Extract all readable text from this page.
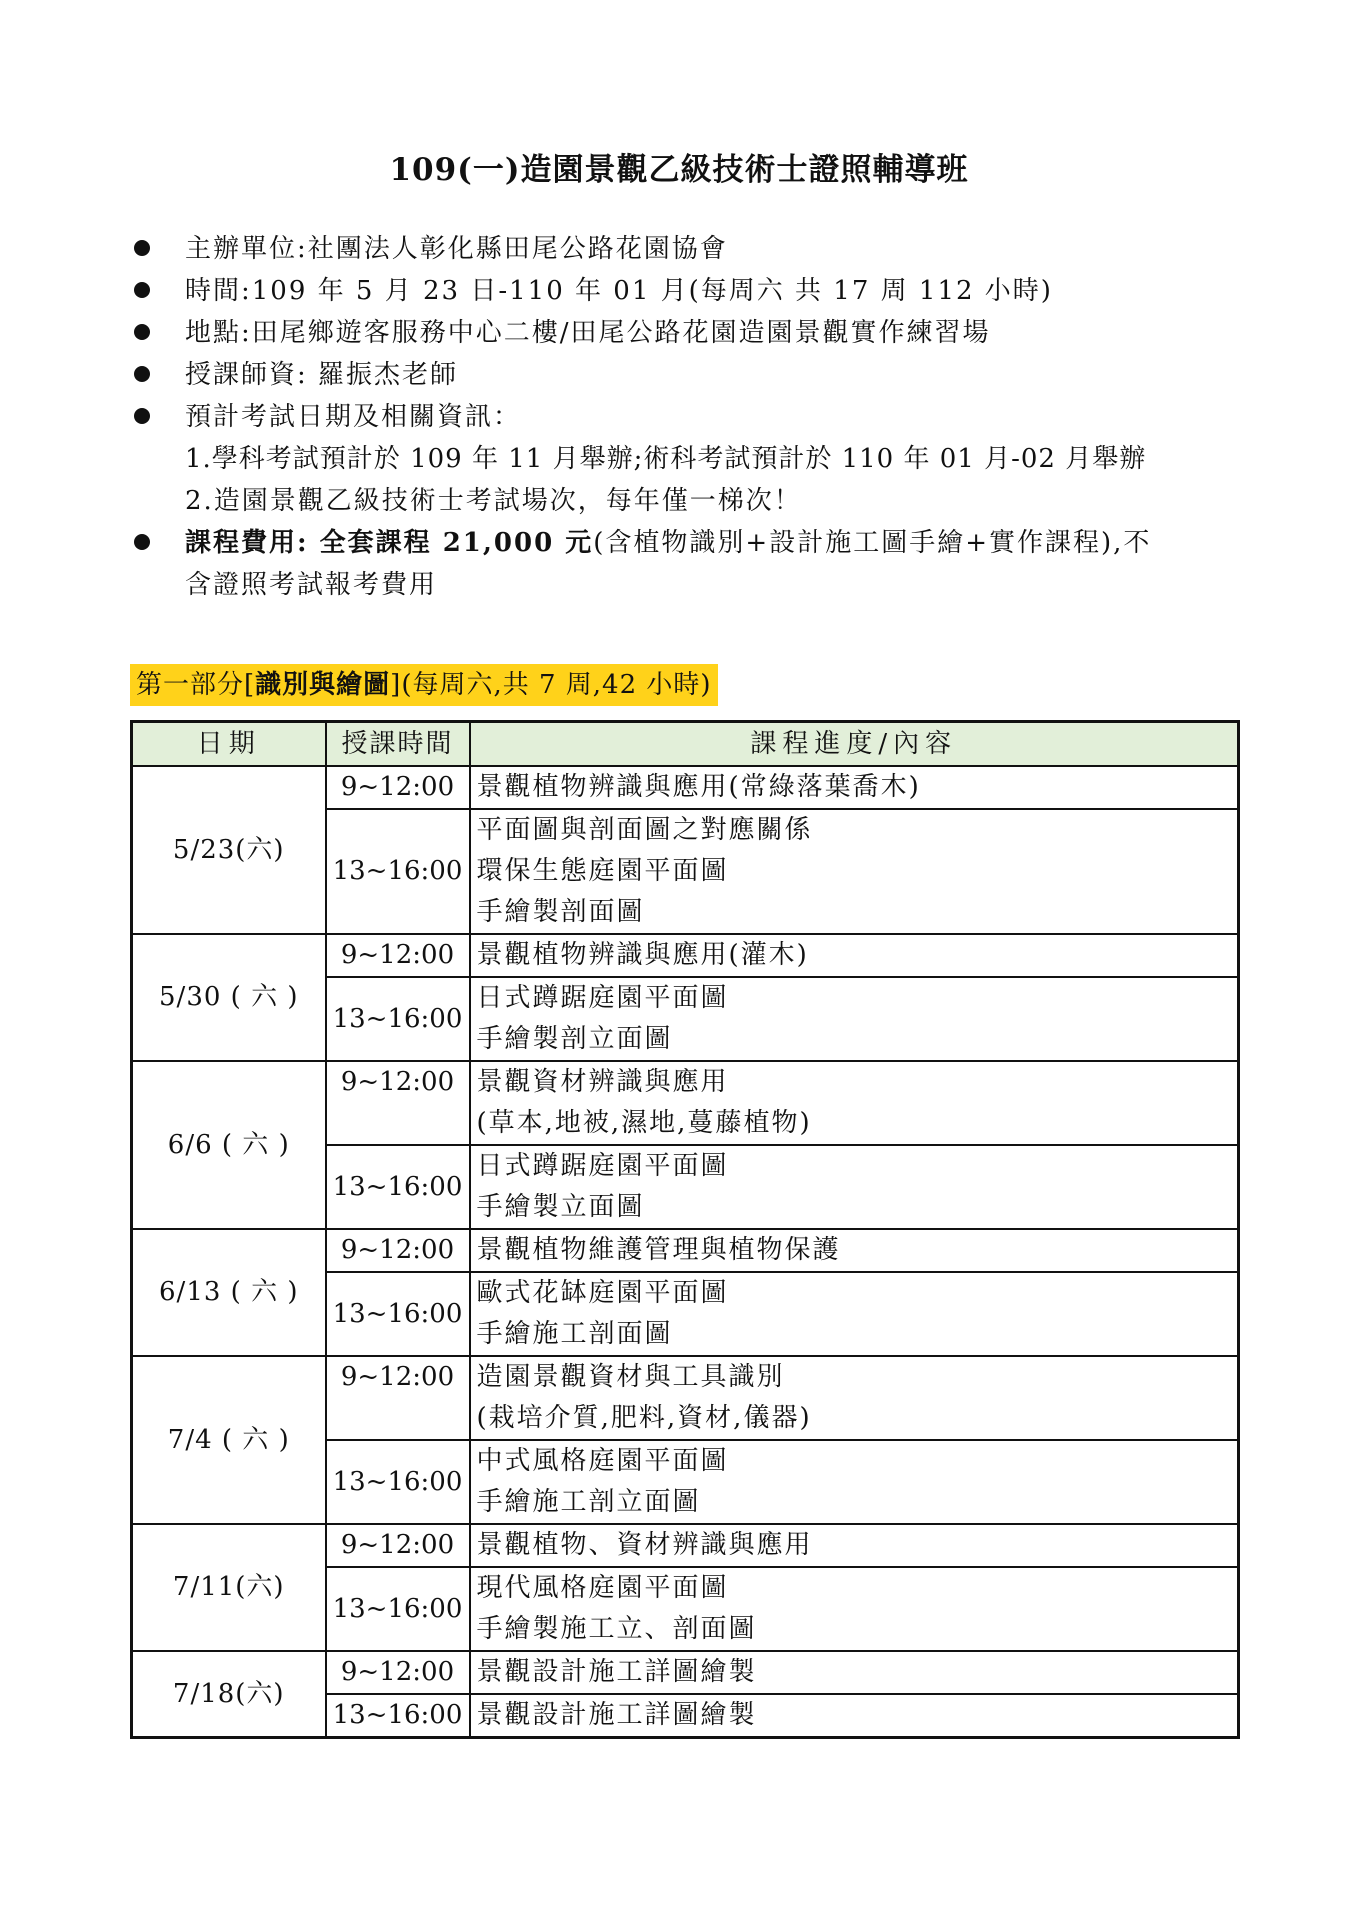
109(一)造園景觀乙級技術士證照輔導班
主辦單位:社團法人彰化縣田尾公路花園協會
時間:109 年 5 月 23 日-110 年 01 月(每周六 共 17 周 112 小時)
地點:田尾鄉遊客服務中心二樓/田尾公路花園造園景觀實作練習場
授課師資: 羅振杰老師
預計考試日期及相關資訊：
1.學科考試預計於 109 年 11 月舉辦;術科考試預計於 110 年 01 月-02 月舉辦
2.造園景觀乙級技術士考試場次，每年僅一梯次！
課程費用: 全套課程 21,000 元(含植物識別+設計施工圖手繪+實作課程),不
含證照考試報考費用
第一部分[識別與繪圖](每周六,共 7 周,42 小時)
日期	授課時間	課程進度/內容
5/23(六)	9~12:00	景觀植物辨識與應用(常綠落葉喬木)

	13~16:00	平面圖與剖面圖之對應關係
環保生態庭園平面圖
手繪製剖面圖

5/30 ( 六 )	9~12:00	景觀植物辨識與應用(灌木)

	13~16:00	日式蹲踞庭園平面圖
手繪製剖立面圖

6/6 ( 六 )	9~12:00	景觀資材辨識與應用
(草本,地被,濕地,蔓藤植物)

	13~16:00	日式蹲踞庭園平面圖
手繪製立面圖

6/13 ( 六 )	9~12:00	景觀植物維護管理與植物保護

	13~16:00	歐式花缽庭園平面圖
手繪施工剖面圖

7/4 ( 六 )	9~12:00	造園景觀資材與工具識別
(栽培介質,肥料,資材,儀器)

	13~16:00	中式風格庭園平面圖
手繪施工剖立面圖

7/11(六)	9~12:00	景觀植物、資材辨識與應用

	13~16:00	現代風格庭園平面圖
手繪製施工立、剖面圖

7/18(六)	9~12:00	景觀設計施工詳圖繪製

	13~16:00	景觀設計施工詳圖繪製
